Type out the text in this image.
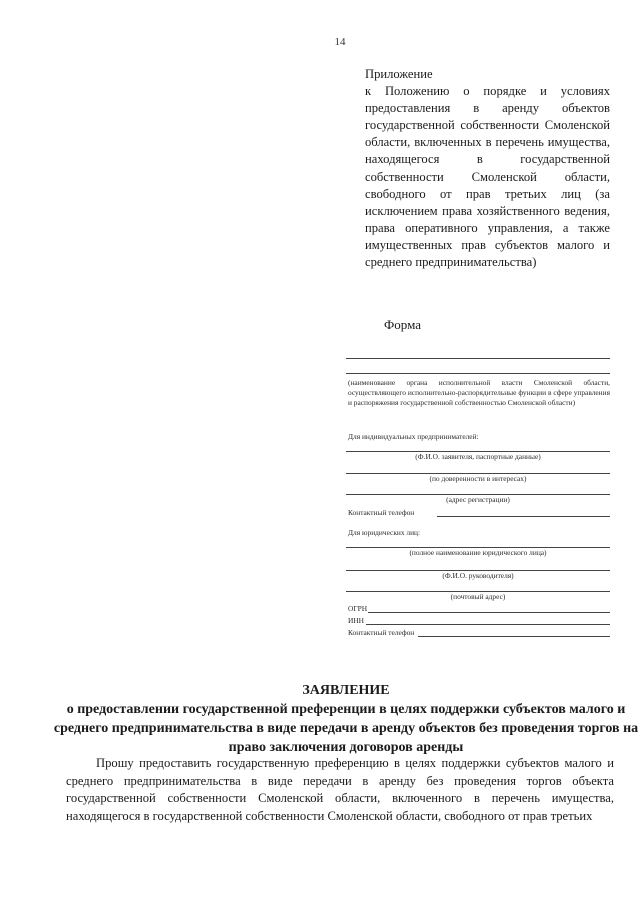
14
Приложение
к Положению о порядке и условиях предоставления в аренду объектов государственной собственности Смоленской области, включенных в перечень имущества, находящегося в государственной собственности Смоленской области, свободного от прав третьих лиц (за исключением права хозяйственного ведения, права оперативного управления, а также имущественных прав субъектов малого и среднего предпринимательства)
Форма
(наименование органа исполнительной власти Смоленской области, осуществляющего исполнительно-распорядительные функции в сфере управления и распоряжения государственной собственностью Смоленской области)
Для индивидуальных предпринимателей:
(Ф.И.О. заявителя, паспортные данные)
(по доверенности в интересах)
(адрес регистрации)
Контактный телефон
Для юридических лиц:
(полное наименование юридического лица)
(Ф.И.О. руководителя)
(почтовый адрес)
ОГРН
ИНН
Контактный телефон
ЗАЯВЛЕНИЕ
о предоставлении государственной преференции в целях поддержки субъектов малого и среднего предпринимательства в виде передачи в аренду объектов без проведения торгов на право заключения договоров аренды
Прошу предоставить государственную преференцию в целях поддержки субъектов малого и среднего предпринимательства в виде передачи в аренду без проведения торгов объекта государственной собственности Смоленской области, включенного в перечень имущества, находящегося в государственной собственности Смоленской области, свободного от прав третьих
